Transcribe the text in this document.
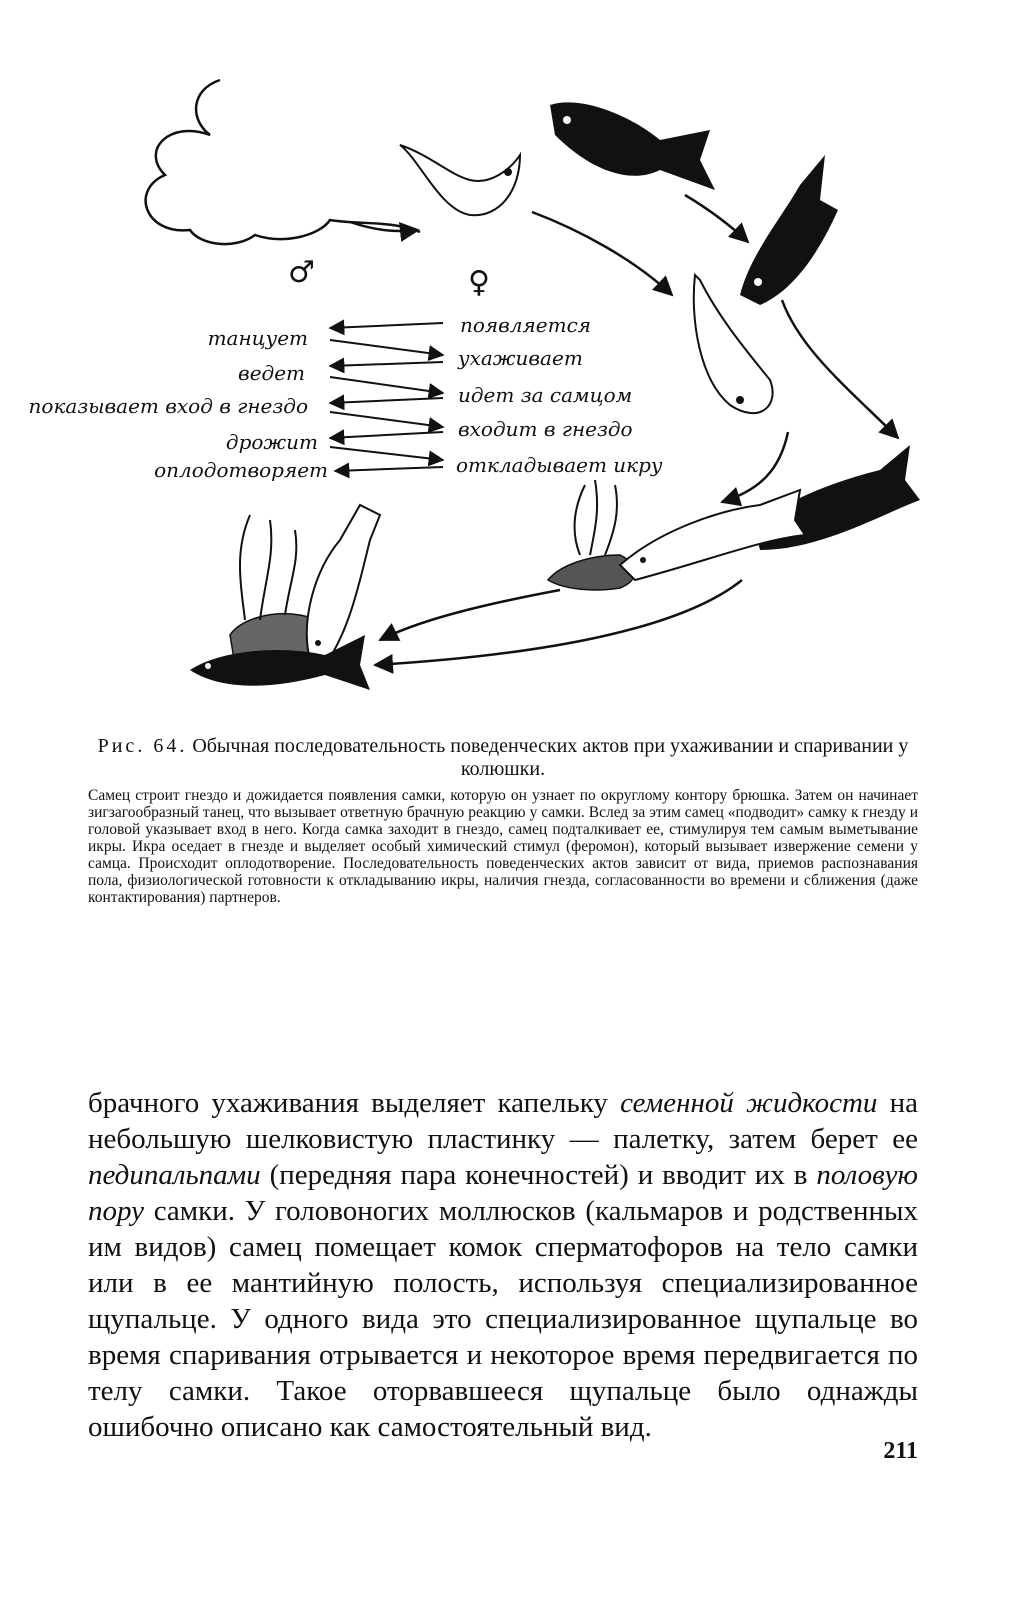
♂	♀
танцует
ведет
показывает вход в гнездо
дрожит
оплодотворяет
появляется
ухаживает
идет за самцом
входит в гнездо
откладывает икру

Рис. 64. Обычная последовательность поведенческих актов при ухаживании и спаривании у колюшки.

Самец строит гнездо и дожидается появления самки, которую он узнает по округлому контору брюшка. Затем он начинает зигзагообразный танец, что вызывает ответную брачную реакцию у самки. Вслед за этим самец «подводит» самку к гнезду и головой указывает вход в него. Когда самка заходит в гнездо, самец подталкивает ее, стимулируя тем самым выметывание икры. Икра оседает в гнезде и выделяет особый химический стимул (феромон), который вызывает извержение семени у самца. Происходит оплодотворение. Последовательность поведенческих актов зависит от вида, приемов распознавания пола, физиологической готовности к откладыванию икры, наличия гнезда, согласованности во времени и сближения (даже контактирования) партнеров.

брачного ухаживания выделяет капельку семенной жидкости на небольшую шелковистую пластинку — палетку, затем берет ее педипальпами (передняя пара конечностей) и вводит их в половую пору самки. У головоногих моллюсков (кальмаров и родственных им видов) самец помещает комок сперматофоров на тело самки или в ее мантийную полость, используя специализированное щупальце. У одного вида это специализированное щупальце во время спаривания отрывается и некоторое время передвигается по телу самки. Такое оторвавшееся щупальце было однажды ошибочно описано как самостоятельный вид.

211
